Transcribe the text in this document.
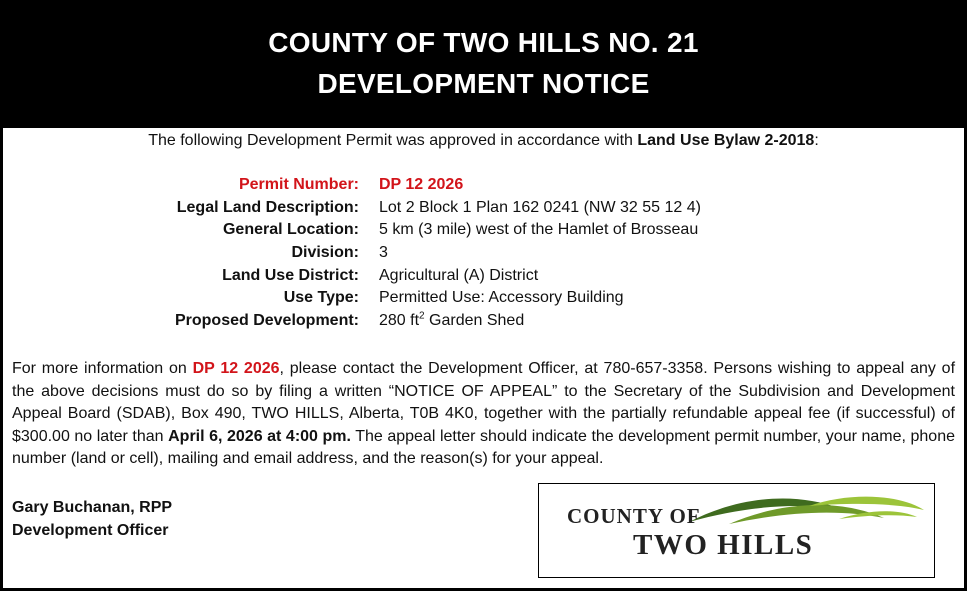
COUNTY OF TWO HILLS NO. 21
DEVELOPMENT NOTICE
The following Development Permit was approved in accordance with Land Use Bylaw 2-2018:
Permit Number: DP 12 2026
Legal Land Description: Lot 2 Block 1 Plan 162 0241 (NW 32 55 12 4)
General Location: 5 km (3 mile) west of the Hamlet of Brosseau
Division: 3
Land Use District: Agricultural (A) District
Use Type: Permitted Use: Accessory Building
Proposed Development: 280 $ft^2$ Garden Shed
For more information on DP 12 2026, please contact the Development Officer, at 780-657-3358. Persons wishing to appeal any of the above decisions must do so by filing a written “NOTICE OF APPEAL” to the Secretary of the Subdivision and Development Appeal Board (SDAB), Box 490, TWO HILLS, Alberta, T0B 4K0, together with the partially refundable appeal fee (if successful) of $300.00 no later than April 6, 2026 at 4:00 pm. The appeal letter should indicate the development permit number, your name, phone number (land or cell), mailing and email address, and the reason(s) for your appeal.
Gary Buchanan, RPP
Development Officer
COUNTY OF
TWO HILLS
